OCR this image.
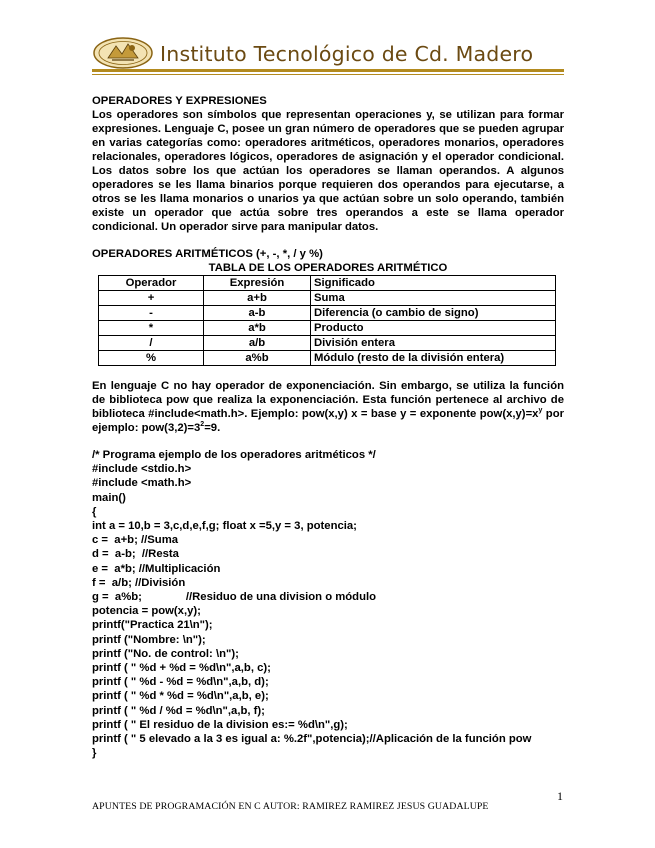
Instituto Tecnológico de Cd. Madero

OPERADORES Y EXPRESIONES

Los operadores son símbolos que representan operaciones y, se utilizan para formar expresiones. Lenguaje C, posee un gran número de operadores que se pueden agrupar en varias categorías como: operadores aritméticos, operadores monarios, operadores relacionales, operadores lógicos, operadores de asignación y el operador condicional. Los datos sobre los que actúan los operadores se llaman operandos. A algunos operadores se les llama binarios porque requieren dos operandos para ejecutarse, a otros se les llama monarios o unarios ya que actúan sobre un solo operando, también existe un operador que actúa sobre tres operandos a este se llama operador condicional. Un operador sirve para manipular datos.

OPERADORES ARITMÉTICOS (+, -, *, / y %)

TABLA DE LOS OPERADORES ARITMÉTICO

Operador	Expresión	Significado
+	a+b	Suma
-	a-b	Diferencia (o cambio de signo)
*	a*b	Producto
/	a/b	División entera
%	a%b	Módulo (resto de la división entera)

En lenguaje C no hay operador de exponenciación. Sin embargo, se utiliza la función de biblioteca pow que realiza la exponenciación. Esta función pertenece al archivo de biblioteca #include<math.h>. Ejemplo: pow(x,y) x = base y = exponente $pow(x,y)=x^y$ por ejemplo: $pow(3,2)=3^2=9$.

/* Programa ejemplo de los operadores aritméticos */

#include <stdio.h>

#include <math.h>

main()

{

int a = 10,b = 3,c,d,e,f,g; float x =5,y = 3, potencia;

c =  a+b; //Suma

d =  a-b;  //Resta

e =  a*b; //Multiplicación

f =  a/b; //División

g =  a%b;              //Residuo de una division o módulo

potencia = pow(x,y);

printf("Practica 21\n");

printf ("Nombre: \n");

printf ("No. de control: \n");

printf ( " %d + %d = %d\n",a,b, c);

printf ( " %d - %d = %d\n",a,b, d);

printf ( " %d * %d = %d\n",a,b, e);

printf ( " %d / %d = %d\n",a,b, f);

printf ( " El residuo de la division es:= %d\n",g);

printf ( " 5 elevado a la 3 es igual a: %.2f",potencia);//Aplicación de la función pow

}

1
APUNTES DE PROGRAMACIÓN EN C AUTOR: RAMIREZ RAMIREZ JESUS GUADALUPE
